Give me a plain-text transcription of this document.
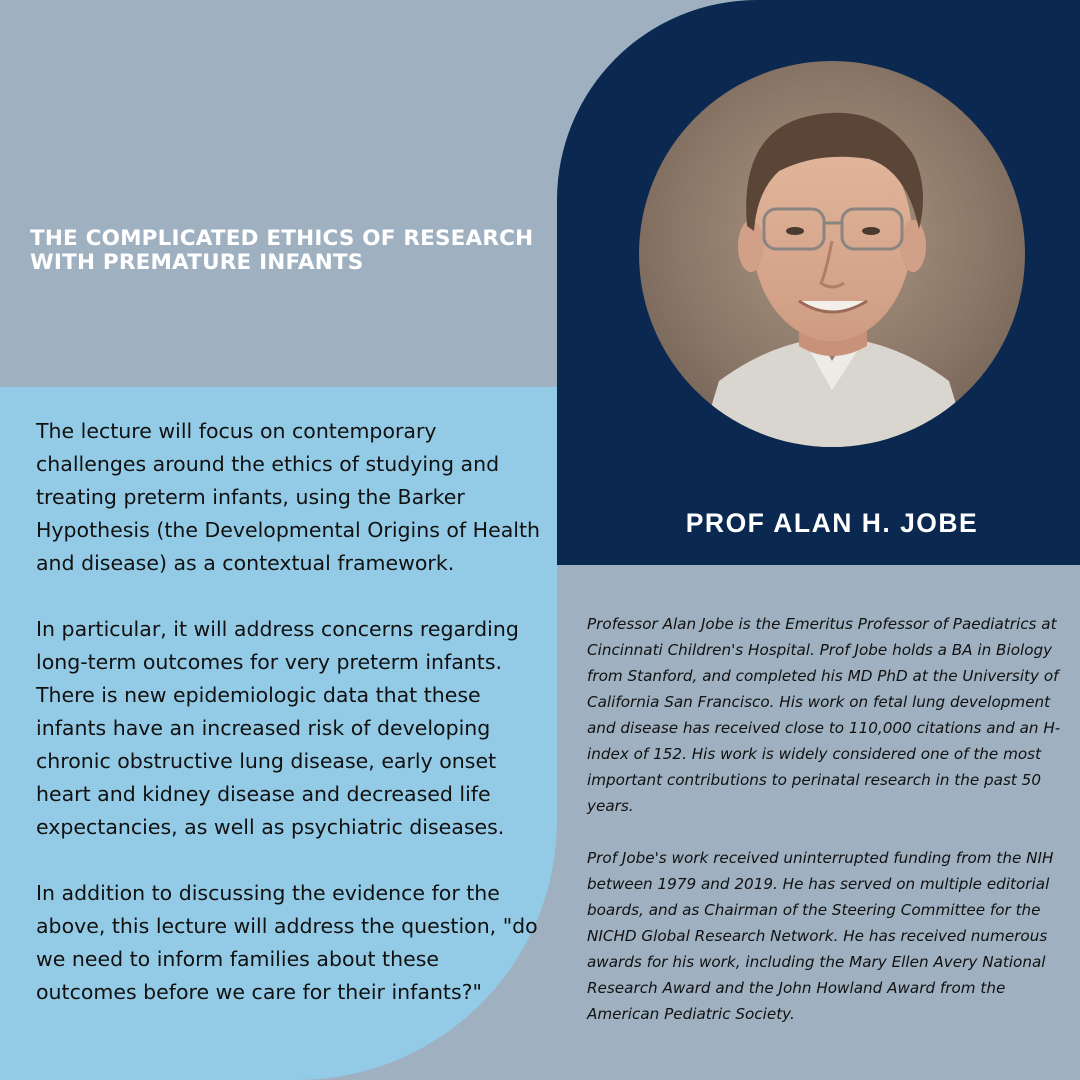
THE COMPLICATED ETHICS OF RESEARCH WITH PREMATURE INFANTS
PROF ALAN H. JOBE

The lecture will focus on contemporary challenges around the ethics of studying and treating preterm infants, using the Barker Hypothesis (the Developmental Origins of Health and disease) as a contextual framework.

In particular, it will address concerns regarding long-term outcomes for very preterm infants. There is new epidemiologic data that these infants have an increased risk of developing chronic obstructive lung disease, early onset heart and kidney disease and decreased life expectancies, as well as psychiatric diseases.

In addition to discussing the evidence for the above, this lecture will address the question, "do we need to inform families about these outcomes before we care for their infants?"

Professor Alan Jobe is the Emeritus Professor of Paediatrics at Cincinnati Children's Hospital. Prof Jobe holds a BA in Biology from Stanford, and completed his MD PhD at the University of California San Francisco. His work on fetal lung development and disease has received close to 110,000 citations and an H-index of 152. His work is widely considered one of the most important contributions to perinatal research in the past 50 years.

Prof Jobe's work received uninterrupted funding from the NIH between 1979 and 2019. He has served on multiple editorial boards, and as Chairman of the Steering Committee for the NICHD Global Research Network. He has received numerous awards for his work, including the Mary Ellen Avery National Research Award and the John Howland Award from the American Pediatric Society.
